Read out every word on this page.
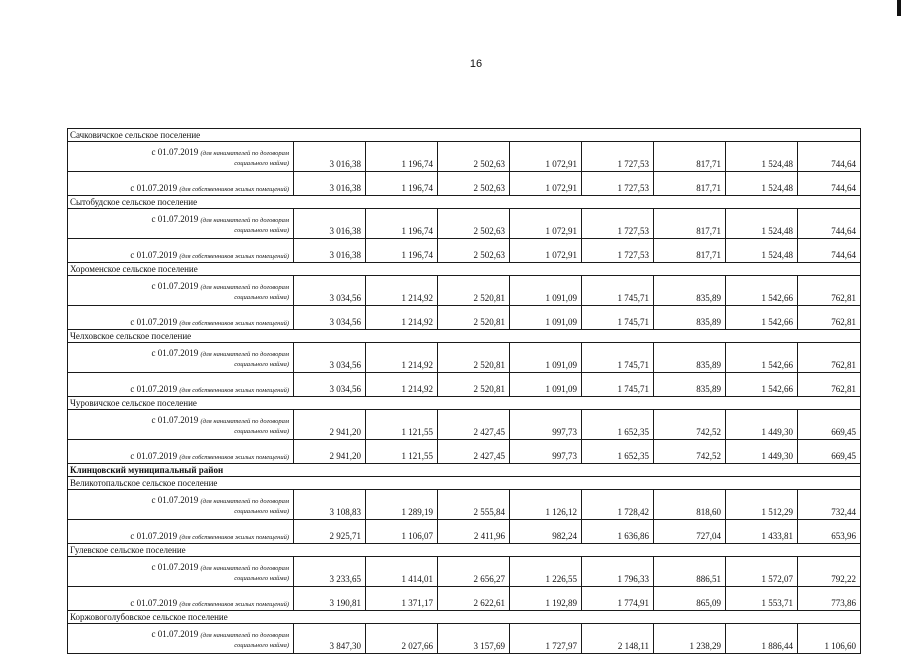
16
Сачковичское сельское поселение								

с 01.07.2019 (для нанимателей по договорам
социального найма)	3 016,38	1 196,74	2 502,63	1 072,91	1 727,53	817,71	1 524,48	744,64
с 01.07.2019 (для собственников жилых помещений)	3 016,38	1 196,74	2 502,63	1 072,91	1 727,53	817,71	1 524,48	744,64
Сытобудское сельское поселение								

с 01.07.2019 (для нанимателей по договорам
социального найма)	3 016,38	1 196,74	2 502,63	1 072,91	1 727,53	817,71	1 524,48	744,64
с 01.07.2019 (для собственников жилых помещений)	3 016,38	1 196,74	2 502,63	1 072,91	1 727,53	817,71	1 524,48	744,64
Хороменское сельское поселение								

с 01.07.2019 (для нанимателей по договорам
социального найма)	3 034,56	1 214,92	2 520,81	1 091,09	1 745,71	835,89	1 542,66	762,81
с 01.07.2019 (для собственников жилых помещений)	3 034,56	1 214,92	2 520,81	1 091,09	1 745,71	835,89	1 542,66	762,81
Челховское сельское поселение								

с 01.07.2019 (для нанимателей по договорам
социального найма)	3 034,56	1 214,92	2 520,81	1 091,09	1 745,71	835,89	1 542,66	762,81
с 01.07.2019 (для собственников жилых помещений)	3 034,56	1 214,92	2 520,81	1 091,09	1 745,71	835,89	1 542,66	762,81
Чуровичское сельское поселение								

с 01.07.2019 (для нанимателей по договорам
социального найма)	2 941,20	1 121,55	2 427,45	997,73	1 652,35	742,52	1 449,30	669,45
с 01.07.2019 (для собственников жилых помещений)	2 941,20	1 121,55	2 427,45	997,73	1 652,35	742,52	1 449,30	669,45
Клинцовский муниципальный район								
Великотопальское сельское поселение								

с 01.07.2019 (для нанимателей по договорам
социального найма)	3 108,83	1 289,19	2 555,84	1 126,12	1 728,42	818,60	1 512,29	732,44
с 01.07.2019 (для собственников жилых помещений)	2 925,71	1 106,07	2 411,96	982,24	1 636,86	727,04	1 433,81	653,96
Гулевское сельское поселение								

с 01.07.2019 (для нанимателей по договорам
социального найма)	3 233,65	1 414,01	2 656,27	1 226,55	1 796,33	886,51	1 572,07	792,22
с 01.07.2019 (для собственников жилых помещений)	3 190,81	1 371,17	2 622,61	1 192,89	1 774,91	865,09	1 553,71	773,86
Коржовоголубовское сельское поселение								

с 01.07.2019 (для нанимателей по договорам
социального найма)	3 847,30	2 027,66	3 157,69	1 727,97	2 148,11	1 238,29	1 886,44	1 106,60
